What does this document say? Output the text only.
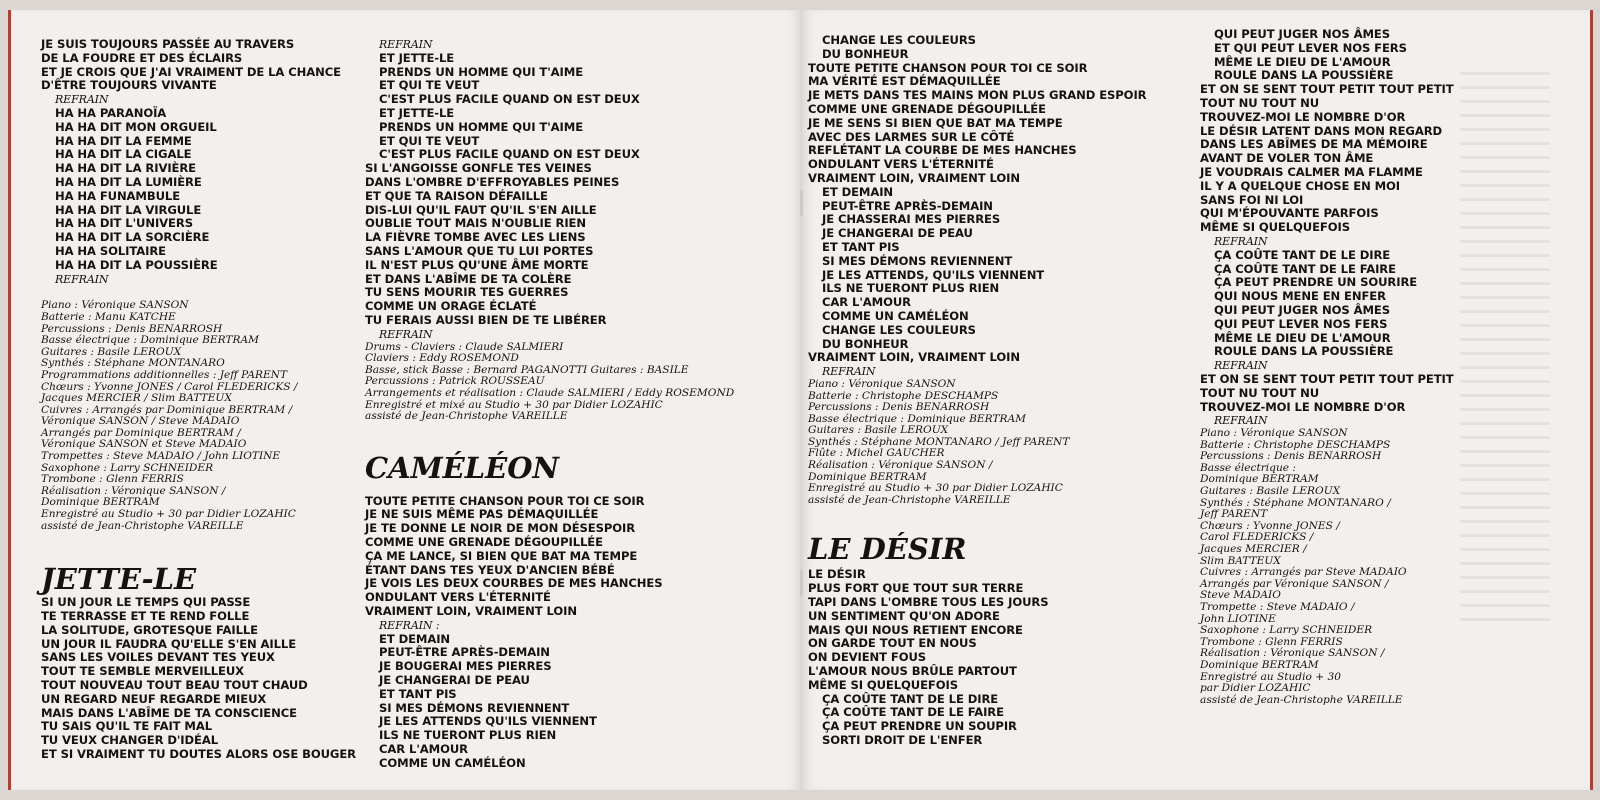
JE SUIS TOUJOURS PASSÉE AU TRAVERS
DE LA FOUDRE ET DES ÉCLAIRS
ET JE CROIS QUE J'AI VRAIMENT DE LA CHANCE
D'ÊTRE TOUJOURS VIVANTE
REFRAIN
HA HA PARANOÏA
HA HA DIT MON ORGUEIL
HA HA DIT LA FEMME
HA HA DIT LA CIGALE
HA HA DIT LA RIVIÈRE
HA HA DIT LA LUMIÈRE
HA HA FUNAMBULE
HA HA DIT LA VIRGULE
HA HA DIT L'UNIVERS
HA HA DIT LA SORCIÈRE
HA HA SOLITAIRE
HA HA DIT LA POUSSIÈRE
REFRAIN
Piano : Véronique SANSON
Batterie : Manu KATCHE
Percussions : Denis BENARROSH
Basse électrique : Dominique BERTRAM
Guitares : Basile LEROUX
Synthés : Stéphane MONTANARO
Programmations additionnelles : Jeff PARENT
Chœurs : Yvonne JONES / Carol FLEDERICKS /
Jacques MERCIER / Slim BATTEUX
Cuivres : Arrangés par Dominique BERTRAM /
Véronique SANSON / Steve MADAIO
Arrangés par Dominique BERTRAM /
Véronique SANSON et Steve MADAIO
Trompettes : Steve MADAIO / John LIOTINE
Saxophone : Larry SCHNEIDER
Trombone : Glenn FERRIS
Réalisation : Véronique SANSON /
Dominique BERTRAM
Enregistré au Studio + 30 par Didier LOZAHIC
assisté de Jean-Christophe VAREILLE
JETTE-LE
SI UN JOUR LE TEMPS QUI PASSE
TE TERRASSE ET TE REND FOLLE
LA SOLITUDE, GROTESQUE FAILLE
UN JOUR IL FAUDRA QU'ELLE S'EN AILLE
SANS LES VOILES DEVANT TES YEUX
TOUT TE SEMBLE MERVEILLEUX
TOUT NOUVEAU TOUT BEAU TOUT CHAUD
UN REGARD NEUF REGARDE MIEUX
MAIS DANS L'ABÎME DE TA CONSCIENCE
TU SAIS QU'IL TE FAIT MAL
TU VEUX CHANGER D'IDÉAL
ET SI VRAIMENT TU DOUTES ALORS OSE BOUGER
REFRAIN
ET JETTE-LE
PRENDS UN HOMME QUI T'AIME
ET QUI TE VEUT
C'EST PLUS FACILE QUAND ON EST DEUX
ET JETTE-LE
PRENDS UN HOMME QUI T'AIME
ET QUI TE VEUT
C'EST PLUS FACILE QUAND ON EST DEUX
SI L'ANGOISSE GONFLE TES VEINES
DANS L'OMBRE D'EFFROYABLES PEINES
ET QUE TA RAISON DÉFAILLE
DIS-LUI QU'IL FAUT QU'IL S'EN AILLE
OUBLIE TOUT MAIS N'OUBLIE RIEN
LA FIÈVRE TOMBE AVEC LES LIENS
SANS L'AMOUR QUE TU LUI PORTES
IL N'EST PLUS QU'UNE ÂME MORTE
ET DANS L'ABÎME DE TA COLÈRE
TU SENS MOURIR TES GUERRES
COMME UN ORAGE ÉCLATÉ
TU FERAIS AUSSI BIEN DE TE LIBÉRER
REFRAIN
Drums - Claviers : Claude SALMIERI
Claviers : Eddy ROSEMOND
Basse, stick Basse : Bernard PAGANOTTI Guitares : BASILE
Percussions : Patrick ROUSSEAU
Arrangements et réalisation : Claude SALMIERI / Eddy ROSEMOND
Enregistré et mixé au Studio + 30 par Didier LOZAHIC
assisté de Jean-Christophe VAREILLE
CAMÉLÉON
TOUTE PETITE CHANSON POUR TOI CE SOIR
JE NE SUIS MÊME PAS DÉMAQUILLÉE
JE TE DONNE LE NOIR DE MON DÉSESPOIR
COMME UNE GRENADE DÉGOUPILLÉE
ÇA ME LANCE, SI BIEN QUE BAT MA TEMPE
ÉTANT DANS TES YEUX D'ANCIEN BÉBÉ
JE VOIS LES DEUX COURBES DE MES HANCHES
ONDULANT VERS L'ÉTERNITÉ
VRAIMENT LOIN, VRAIMENT LOIN
REFRAIN :
ET DEMAIN
PEUT-ÊTRE APRÈS-DEMAIN
JE BOUGERAI MES PIERRES
JE CHANGERAI DE PEAU
ET TANT PIS
SI MES DÉMONS REVIENNENT
JE LES ATTENDS QU'ILS VIENNENT
ILS NE TUERONT PLUS RIEN
CAR L'AMOUR
COMME UN CAMÉLÉON
CHANGE LES COULEURS
DU BONHEUR
TOUTE PETITE CHANSON POUR TOI CE SOIR
MA VÉRITÉ EST DÉMAQUILLÉE
JE METS DANS TES MAINS MON PLUS GRAND ESPOIR
COMME UNE GRENADE DÉGOUPILLÉE
JE ME SENS SI BIEN QUE BAT MA TEMPE
AVEC DES LARMES SUR LE CÔTÉ
REFLÉTANT LA COURBE DE MES HANCHES
ONDULANT VERS L'ÉTERNITÉ
VRAIMENT LOIN, VRAIMENT LOIN
ET DEMAIN
PEUT-ÊTRE APRÈS-DEMAIN
JE CHASSERAI MES PIERRES
JE CHANGERAI DE PEAU
ET TANT PIS
SI MES DÉMONS REVIENNENT
JE LES ATTENDS, QU'ILS VIENNENT
ILS NE TUERONT PLUS RIEN
CAR L'AMOUR
COMME UN CAMÉLÉON
CHANGE LES COULEURS
DU BONHEUR
VRAIMENT LOIN, VRAIMENT LOIN
REFRAIN
Piano : Véronique SANSON
Batterie : Christophe DESCHAMPS
Percussions : Denis BENARROSH
Basse électrique : Dominique BERTRAM
Guitares : Basile LEROUX
Synthés : Stéphane MONTANARO / Jeff PARENT
Flûte : Michel GAUCHER
Réalisation : Véronique SANSON /
Dominique BERTRAM
Enregistré au Studio + 30 par Didier LOZAHIC
assisté de Jean-Christophe VAREILLE
LE DÉSIR
LE DÉSIR
PLUS FORT QUE TOUT SUR TERRE
TAPI DANS L'OMBRE TOUS LES JOURS
UN SENTIMENT QU'ON ADORE
MAIS QUI NOUS RETIENT ENCORE
ON GARDE TOUT EN NOUS
ON DEVIENT FOUS
L'AMOUR NOUS BRÛLE PARTOUT
MÊME SI QUELQUEFOIS
ÇA COÛTE TANT DE LE DIRE
ÇA COÛTE TANT DE LE FAIRE
ÇA PEUT PRENDRE UN SOUPIR
SORTI DROIT DE L'ENFER
QUI PEUT JUGER NOS ÂMES
ET QUI PEUT LEVER NOS FERS
MÊME LE DIEU DE L'AMOUR
ROULE DANS LA POUSSIÈRE
ET ON SE SENT TOUT PETIT TOUT PETIT
TOUT NU TOUT NU
TROUVEZ-MOI LE NOMBRE D'OR
LE DÉSIR LATENT DANS MON REGARD
DANS LES ABÎMES DE MA MÉMOIRE
AVANT DE VOLER TON ÂME
JE VOUDRAIS CALMER MA FLAMME
IL Y A QUELQUE CHOSE EN MOI
SANS FOI NI LOI
QUI M'ÉPOUVANTE PARFOIS
MÊME SI QUELQUEFOIS
REFRAIN
ÇA COÛTE TANT DE LE DIRE
ÇA COÛTE TANT DE LE FAIRE
ÇA PEUT PRENDRE UN SOURIRE
QUI NOUS MENE EN ENFER
QUI PEUT JUGER NOS ÂMES
QUI PEUT LEVER NOS FERS
MÊME LE DIEU DE L'AMOUR
ROULE DANS LA POUSSIÈRE
REFRAIN
ET ON SE SENT TOUT PETIT TOUT PETIT
TOUT NU TOUT NU
TROUVEZ-MOI LE NOMBRE D'OR
REFRAIN
Piano : Véronique SANSON
Batterie : Christophe DESCHAMPS
Percussions : Denis BENARROSH
Basse électrique :
Dominique BERTRAM
Guitares : Basile LEROUX
Synthés : Stéphane MONTANARO /
Jeff PARENT
Chœurs : Yvonne JONES /
Carol FLEDERICKS /
Jacques MERCIER /
Slim BATTEUX
Cuivres : Arrangés par Steve MADAIO
Arrangés par Véronique SANSON /
Steve MADAIO
Trompette : Steve MADAIO /
John LIOTINE
Saxophone : Larry SCHNEIDER
Trombone : Glenn FERRIS
Réalisation : Véronique SANSON /
Dominique BERTRAM
Enregistré au Studio + 30
par Didier LOZAHIC
assisté de Jean-Christophe VAREILLE
